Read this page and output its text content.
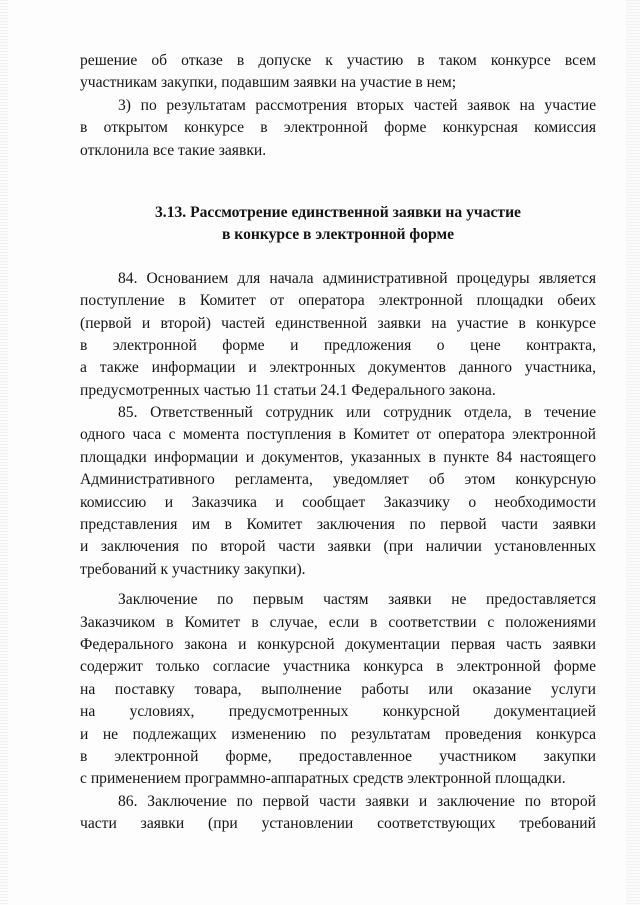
решение об отказе в допуске к участию в таком конкурсе всем
участникам закупки, подавшим заявки на участие в нем;
3) по результатам рассмотрения вторых частей заявок на участие
в открытом конкурсе в электронной форме конкурсная комиссия
отклонила все такие заявки.
3.13. Рассмотрение единственной заявки на участие
в конкурсе в электронной форме
84. Основанием для начала административной процедуры является
поступление в Комитет от оператора электронной площадки обеих
(первой и второй) частей единственной заявки на участие в конкурсе
в электронной форме и предложения о цене контракта,
а также информации и электронных документов данного участника,
предусмотренных частью 11 статьи 24.1 Федерального закона.
85. Ответственный сотрудник или сотрудник отдела, в течение
одного часа с момента поступления в Комитет от оператора электронной
площадки информации и документов, указанных в пункте 84 настоящего
Административного регламента, уведомляет об этом конкурсную
комиссию и Заказчика и сообщает Заказчику о необходимости
представления им в Комитет заключения по первой части заявки
и заключения по второй части заявки (при наличии установленных
требований к участнику закупки).
Заключение по первым частям заявки не предоставляется
Заказчиком в Комитет в случае, если в соответствии с положениями
Федерального закона и конкурсной документации первая часть заявки
содержит только согласие участника конкурса в электронной форме
на поставку товара, выполнение работы или оказание услуги
на условиях, предусмотренных конкурсной документацией
и не подлежащих изменению по результатам проведения конкурса
в электронной форме, предоставленное участником закупки
с применением программно-аппаратных средств электронной площадки.
86. Заключение по первой части заявки и заключение по второй
части заявки (при установлении соответствующих требований
